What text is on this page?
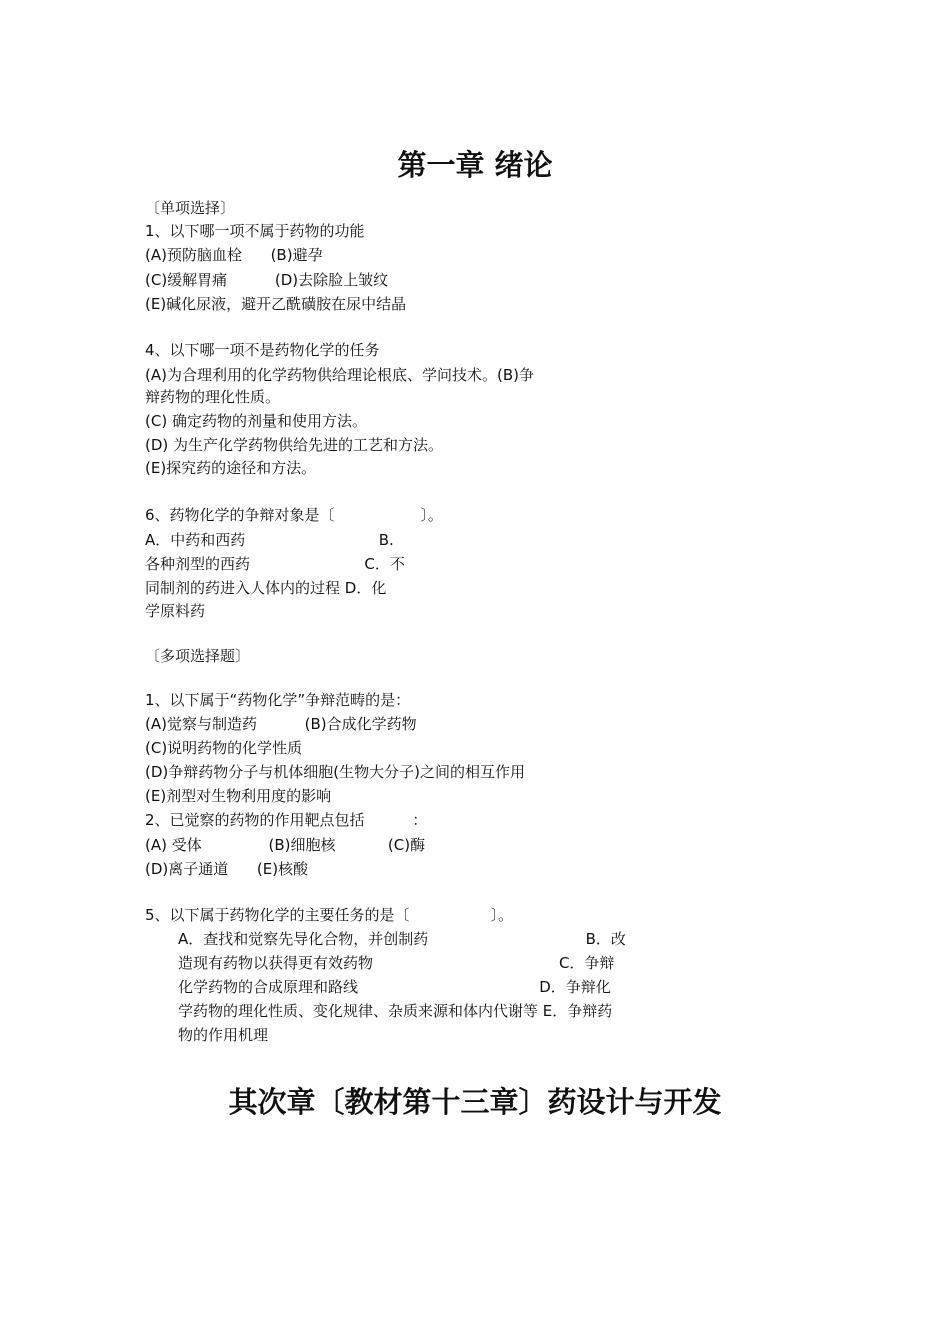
第一章 绪论

〔单项选择〕

1、以下哪一项不属于药物的功能

(A)预防脑血栓      (B)避孕

(C)缓解胃痛          (D)去除脸上皱纹

(E)碱化尿液，避开乙酰磺胺在尿中结晶

4、以下哪一项不是药物化学的任务

(A)为合理利用的化学药物供给理论根底、学问技术。(B)争

辩药物的理化性质。

(C) 确定药物的剂量和使用方法。

(D) 为生产化学药物供给先进的工艺和方法。

(E)探究药的途径和方法。

6、药物化学的争辩对象是〔                  〕。

A．中药和西药                            B.

各种剂型的西药                        C．不

同制剂的药进入人体内的过程 D．化

学原料药

〔多项选择题〕

1、以下属于“药物化学”争辩范畴的是：

(A)觉察与制造药          (B)合成化学药物

(C)说明药物的化学性质

(D)争辩药物分子与机体细胞(生物大分子)之间的相互作用

(E)剂型对生物利用度的影响

2、已觉察的药物的作用靶点包括          ：

(A) 受体              (B)细胞核           (C)酶

(D)离子通道      (E)核酸

5、以下属于药物化学的主要任务的是〔                 〕。

A．查找和觉察先导化合物，并创制药                                 B．改

造现有药物以获得更有效药物                                       C．争辩

化学药物的合成原理和路线                                      D．争辩化

学药物的理化性质、变化规律、杂质来源和体内代谢等 E．争辩药

物的作用机理

其次章〔教材第十三章〕药设计与开发
